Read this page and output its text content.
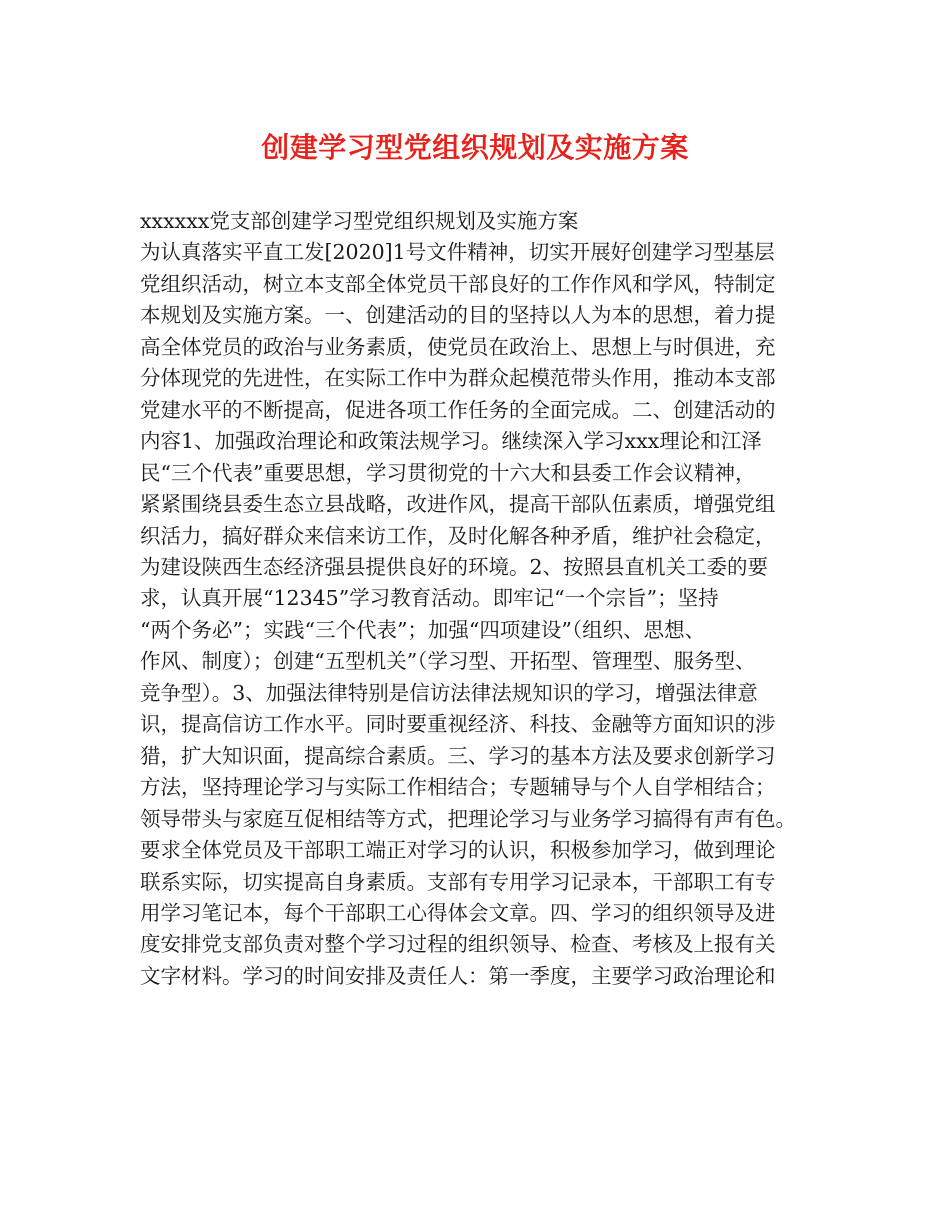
创建学习型党组织规划及实施方案
xxxxxx党支部创建学习型党组织规划及实施方案
为认真落实平直工发[2020]1号文件精神，切实开展好创建学习型基层
党组织活动，树立本支部全体党员干部良好的工作作风和学风，特制定
本规划及实施方案。一、创建活动的目的坚持以人为本的思想，着力提
高全体党员的政治与业务素质，使党员在政治上、思想上与时俱进，充
分体现党的先进性，在实际工作中为群众起模范带头作用，推动本支部
党建水平的不断提高，促进各项工作任务的全面完成。二、创建活动的
内容1、加强政治理论和政策法规学习。继续深入学习xxx理论和江泽
民“三个代表”重要思想，学习贯彻党的十六大和县委工作会议精神，
紧紧围绕县委生态立县战略，改进作风，提高干部队伍素质，增强党组
织活力，搞好群众来信来访工作，及时化解各种矛盾，维护社会稳定，
为建设陕西生态经济强县提供良好的环境。2、按照县直机关工委的要
求，认真开展“12345”学习教育活动。即牢记“一个宗旨”；坚持
“两个务必”；实践“三个代表”；加强“四项建设”（组织、思想、
作风、制度）；创建“五型机关”（学习型、开拓型、管理型、服务型、
竞争型）。3、加强法律特别是信访法律法规知识的学习，增强法律意
识，提高信访工作水平。同时要重视经济、科技、金融等方面知识的涉
猎，扩大知识面，提高综合素质。三、学习的基本方法及要求创新学习
方法，坚持理论学习与实际工作相结合；专题辅导与个人自学相结合；
领导带头与家庭互促相结等方式，把理论学习与业务学习搞得有声有色。
要求全体党员及干部职工端正对学习的认识，积极参加学习，做到理论
联系实际，切实提高自身素质。支部有专用学习记录本，干部职工有专
用学习笔记本，每个干部职工心得体会文章。四、学习的组织领导及进
度安排党支部负责对整个学习过程的组织领导、检查、考核及上报有关
文字材料。学习的时间安排及责任人：第一季度，主要学习政治理论和
